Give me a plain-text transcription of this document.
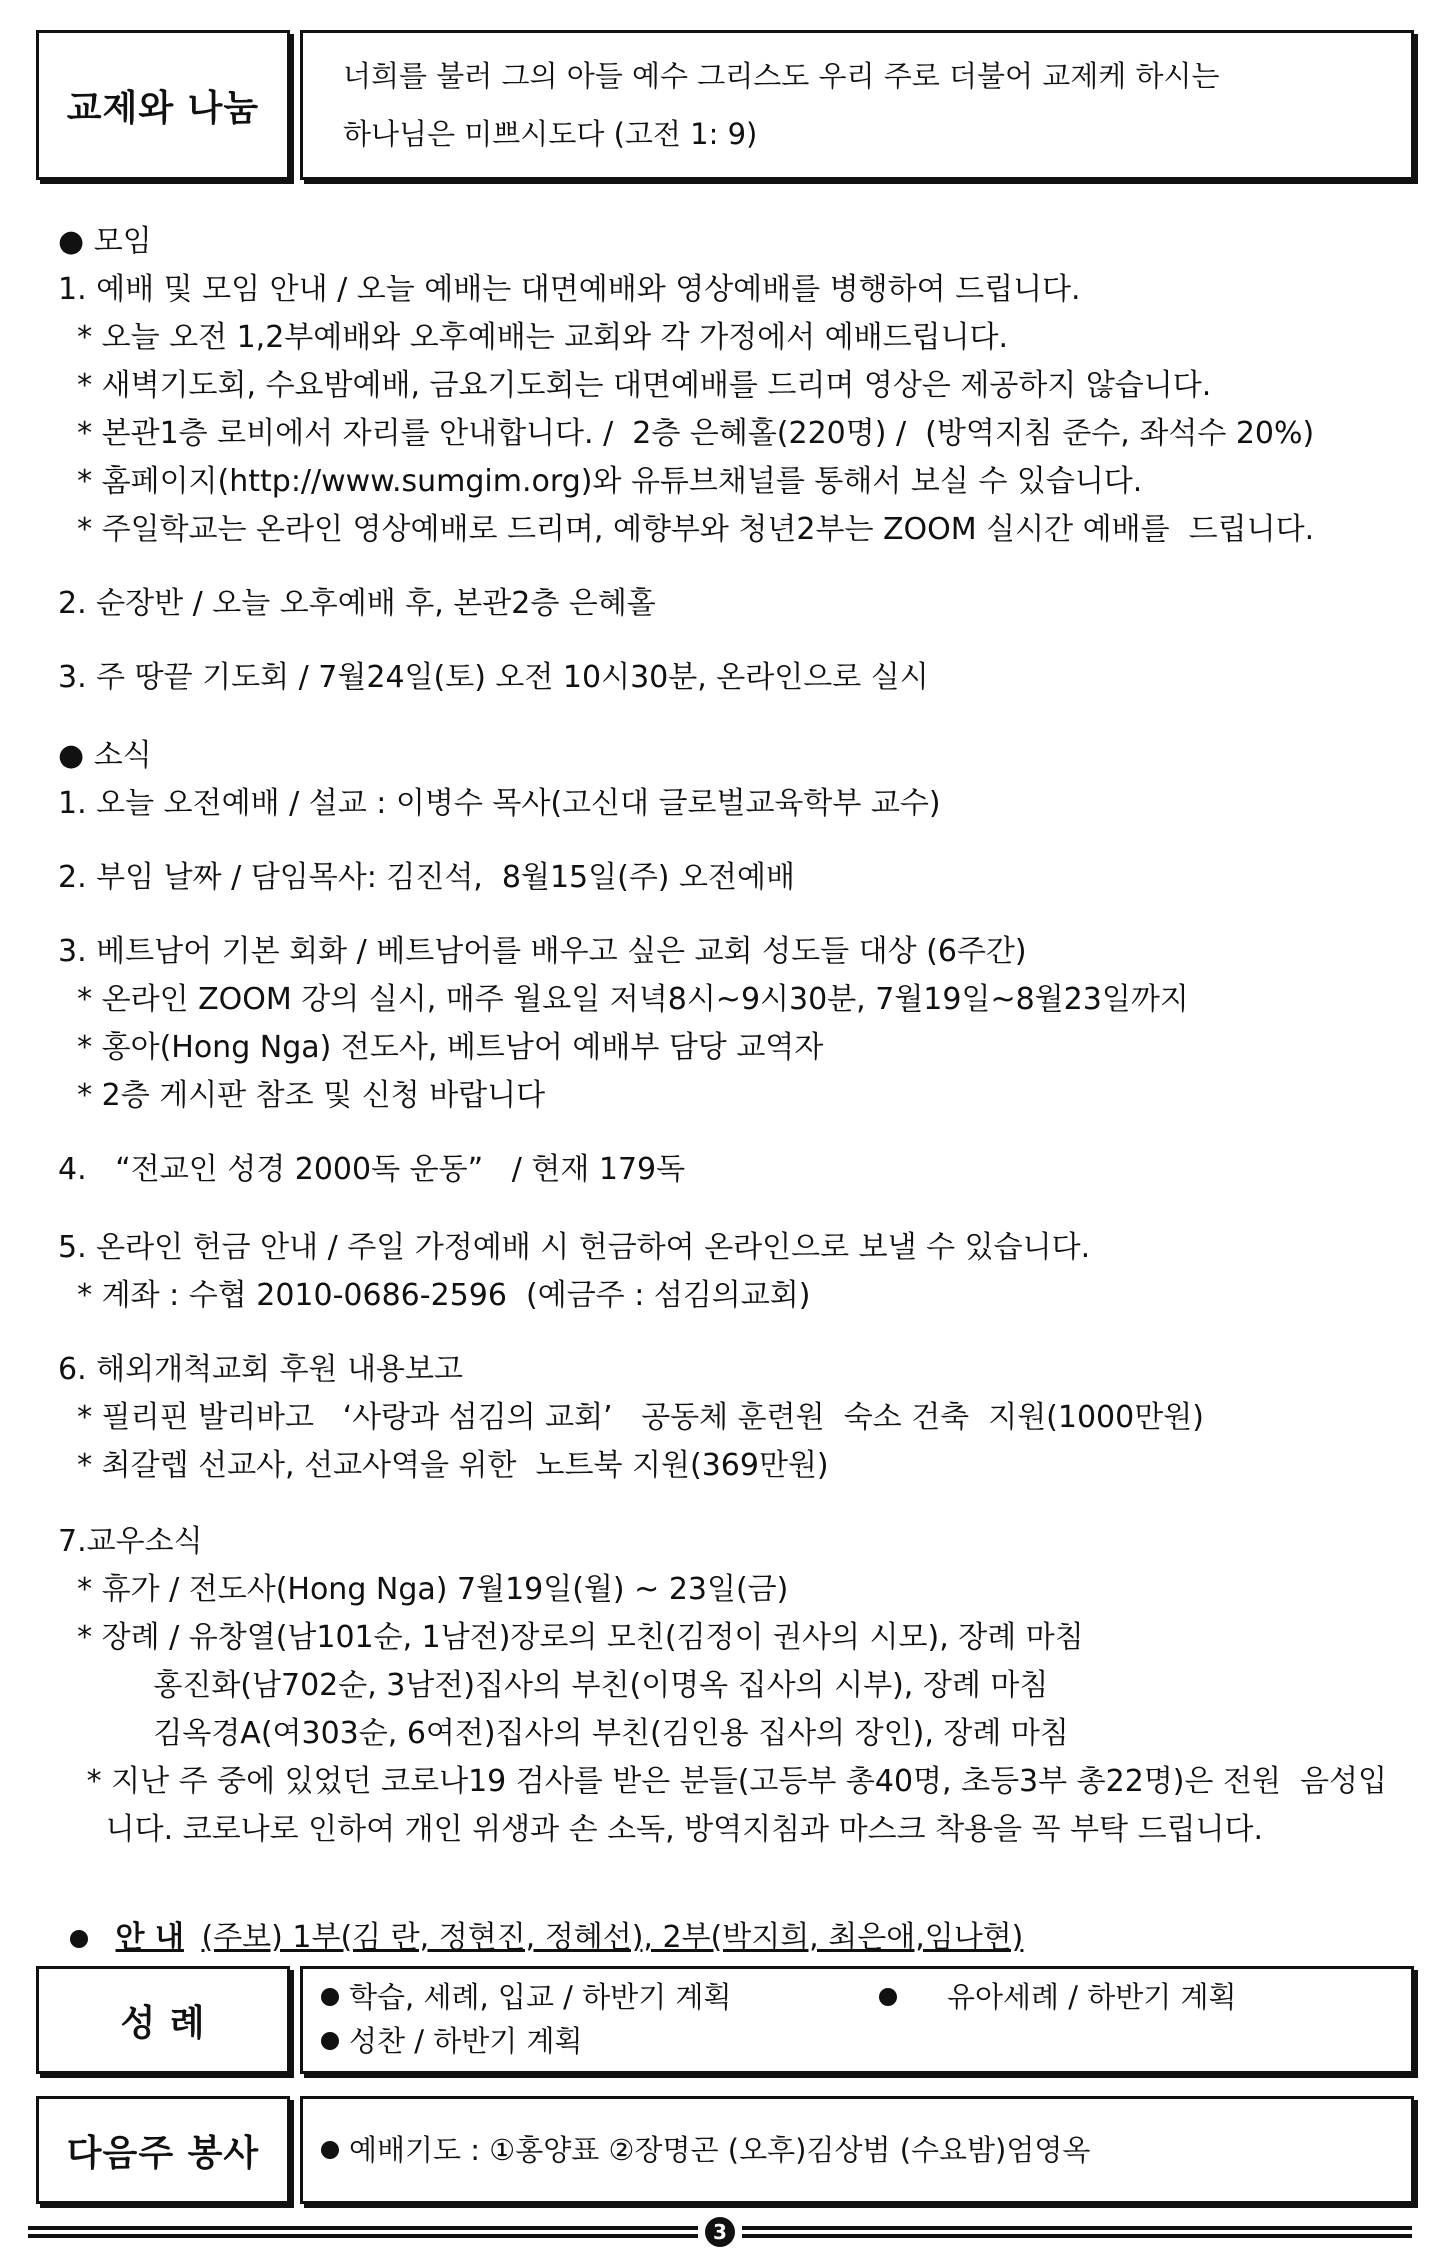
교제와 나눔
너희를 불러 그의 아들 예수 그리스도 우리 주로 더불어 교제케 하시는
하나님은 미쁘시도다 (고전 1: 9)
● 모임
1. 예배 및 모임 안내 / 오늘 예배는 대면예배와 영상예배를 병행하여 드립니다.
* 오늘 오전 1,2부예배와 오후예배는 교회와 각 가정에서 예배드립니다.
* 새벽기도회, 수요밤예배, 금요기도회는 대면예배를 드리며 영상은 제공하지 않습니다.
* 본관1층 로비에서 자리를 안내합니다. /  2층 은혜홀(220명) /  (방역지침 준수, 좌석수 20%)
* 홈페이지(http://www.sumgim.org)와 유튜브채널를 통해서 보실 수 있습니다.
* 주일학교는 온라인 영상예배로 드리며, 예향부와 청년2부는 ZOOM 실시간 예배를  드립니다.
2. 순장반 / 오늘 오후예배 후, 본관2층 은혜홀
3. 주 땅끝 기도회 / 7월24일(토) 오전 10시30분, 온라인으로 실시
● 소식
1. 오늘 오전예배 / 설교 : 이병수 목사(고신대 글로벌교육학부 교수)
2. 부임 날짜 / 담임목사: 김진석,  8월15일(주) 오전예배
3. 베트남어 기본 회화 / 베트남어를 배우고 싶은 교회 성도들 대상 (6주간)
* 온라인 ZOOM 강의 실시, 매주 월요일 저녁8시~9시30분, 7월19일~8월23일까지
* 홍아(Hong Nga) 전도사, 베트남어 예배부 담당 교역자
* 2층 게시판 참조 및 신청 바랍니다
4.   “전교인 성경 2000독 운동”   / 현재 179독
5. 온라인 헌금 안내 / 주일 가정예배 시 헌금하여 온라인으로 보낼 수 있습니다.
* 계좌 : 수협 2010-0686-2596  (예금주 : 섬김의교회)
6. 해외개척교회 후원 내용보고
* 필리핀 발리바고   ‘사랑과 섬김의 교회’   공동체 훈련원  숙소 건축  지원(1000만원)
* 최갈렙 선교사, 선교사역을 위한  노트북 지원(369만원)
7.교우소식
* 휴가 / 전도사(Hong Nga) 7월19일(월) ~ 23일(금)
* 장례 / 유창열(남101순, 1남전)장로의 모친(김정이 권사의 시모), 장례 마침
홍진화(남702순, 3남전)집사의 부친(이명옥 집사의 시부), 장례 마침
김옥경A(여303순, 6여전)집사의 부친(김인용 집사의 장인), 장례 마침
* 지난 주 중에 있었던 코로나19 검사를 받은 분들(고등부 총40명, 초등3부 총22명)은 전원  음성입
니다. 코로나로 인하여 개인 위생과 손 소독, 방역지침과 마스크 착용을 꼭 부탁 드립니다.
안 내 (주보) 1부(김 란, 정현진, 정혜선), 2부(박지희, 최은애,임나현)
성 례
학습, 세례, 입교 / 하반기 계획	유아세례 / 하반기 계획
성찬 / 하반기 계획
다음주 봉사	예배기도 : ①홍양표 ②장명곤 (오후)김상범 (수요밤)엄영옥
3
